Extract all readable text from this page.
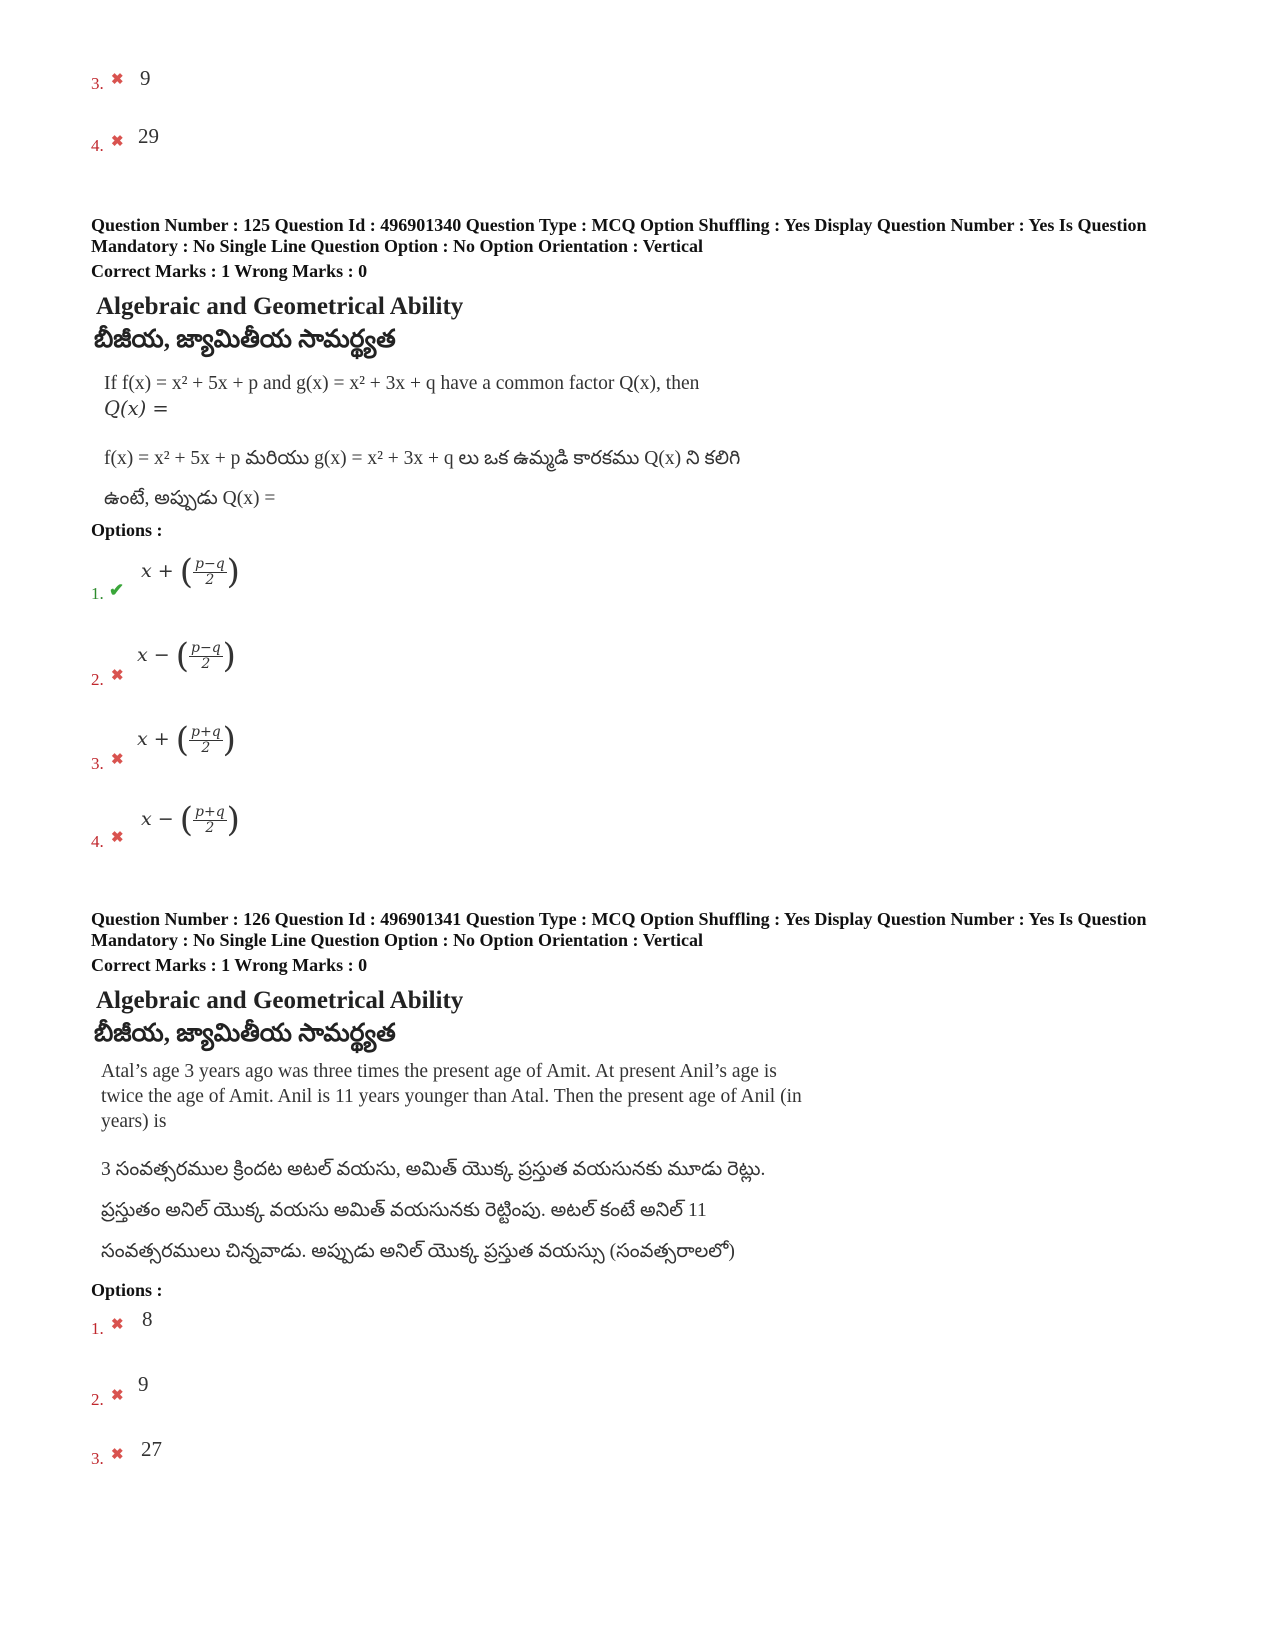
3. ✖ 9
4. ✖ 29
Question Number : 125 Question Id : 496901340 Question Type : MCQ Option Shuffling : Yes Display Question Number : Yes Is Question Mandatory : No Single Line Question Option : No Option Orientation : Vertical
Correct Marks : 1 Wrong Marks : 0
Algebraic and Geometrical Ability
బీజీయ, జ్యామితీయ సామర్థ్యత
If f(x) = x² + 5x + p and g(x) = x² + 3x + q have a common factor Q(x), then
Q(x) =
f(x) = x² + 5x + p మరియు g(x) = x² + 3x + q లు ఒక ఉమ్మడి కారకము Q(x) ని కలిగి
ఉంటే, అప్పుడు Q(x) =
Options :
1. ✔
x + ( $\frac{p-q}{2}$ )
2. ✖
x − ( $\frac{p-q}{2}$ )
3. ✖
x + ( $\frac{p+q}{2}$ )
4. ✖
x − ( $\frac{p+q}{2}$ )
Question Number : 126 Question Id : 496901341 Question Type : MCQ Option Shuffling : Yes Display Question Number : Yes Is Question Mandatory : No Single Line Question Option : No Option Orientation : Vertical
Correct Marks : 1 Wrong Marks : 0
Algebraic and Geometrical Ability
బీజీయ, జ్యామితీయ సామర్థ్యత
Atal’s age 3 years ago was three times the present age of Amit. At present Anil’s age is
twice the age of Amit. Anil is 11 years younger than Atal. Then the present age of Anil (in
years) is
3 సంవత్సరముల క్రిందట అటల్ వయసు, అమిత్ యొక్క ప్రస్తుత వయసునకు మూడు రెట్లు.
ప్రస్తుతం అనిల్ యొక్క వయసు అమిత్ వయసునకు రెట్టింపు. అటల్ కంటే అనిల్ 11
సంవత్సరములు చిన్నవాడు. అప్పుడు అనిల్ యొక్క ప్రస్తుత వయస్సు (సంవత్సరాలలో)
Options :
1. ✖ 8
2. ✖ 9
3. ✖ 27
